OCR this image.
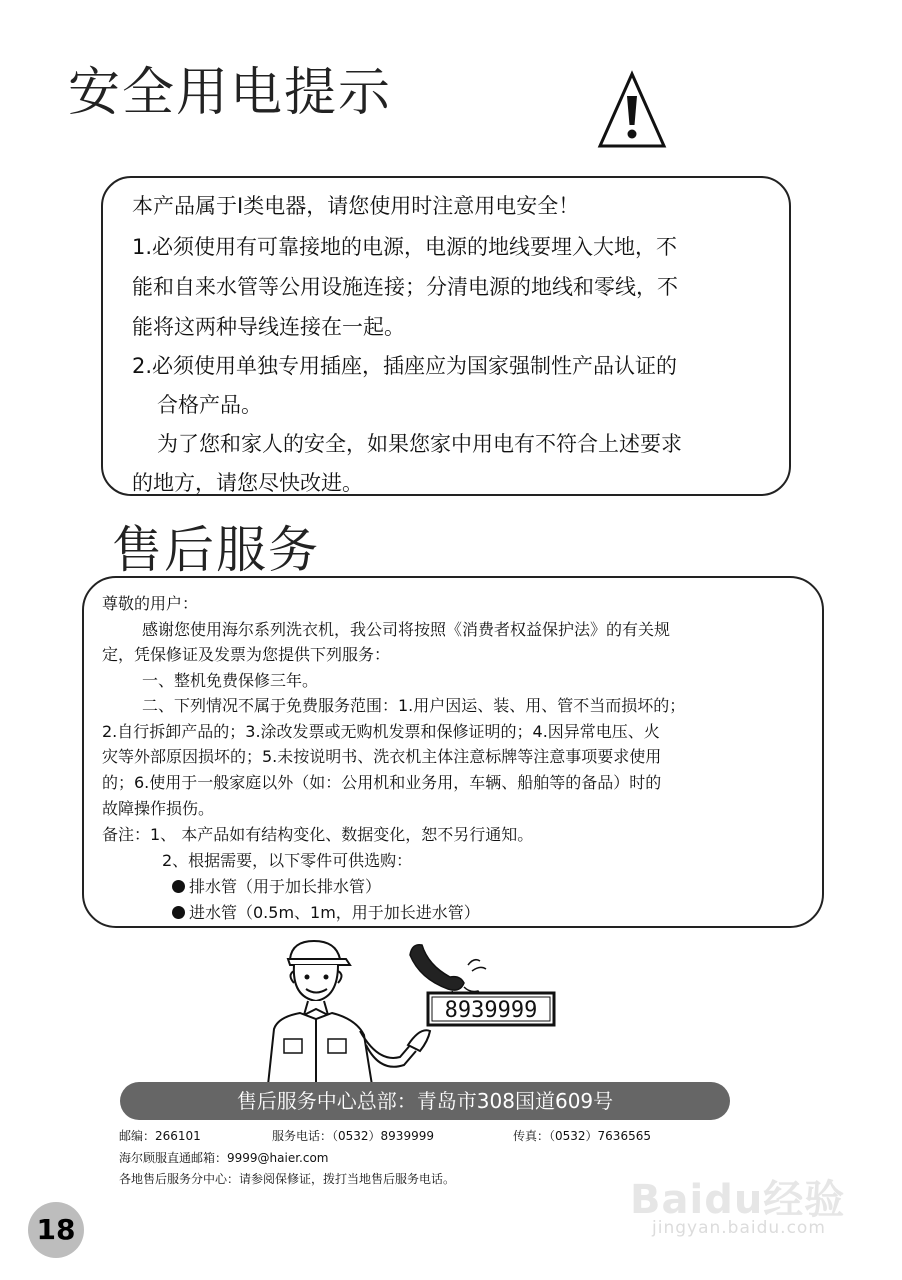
安全用电提示
本产品属于I类电器，请您使用时注意用电安全！
1.必须使用有可靠接地的电源，电源的地线要埋入大地，不
能和自来水管等公用设施连接；分清电源的地线和零线，不
能将这两种导线连接在一起。
2.必须使用单独专用插座，插座应为国家强制性产品认证的
合格产品。
为了您和家人的安全，如果您家中用电有不符合上述要求
的地方，请您尽快改进。
售后服务
尊敬的用户：
感谢您使用海尔系列洗衣机，我公司将按照《消费者权益保护法》的有关规
定，凭保修证及发票为您提供下列服务：
一、整机免费保修三年。
二、下列情况不属于免费服务范围：1.用户因运、装、用、管不当而损坏的；
2.自行拆卸产品的；3.涂改发票或无购机发票和保修证明的；4.因异常电压、火
灾等外部原因损坏的；5.未按说明书、洗衣机主体注意标牌等注意事项要求使用
的；6.使用于一般家庭以外（如：公用机和业务用，车辆、船舶等的备品）时的
故障操作损伤。
备注：1、 本产品如有结构变化、数据变化，恕不另行通知。
2、根据需要，以下零件可供选购：
排水管（用于加长排水管）
进水管（0.5m、1m，用于加长进水管）
8939999
售后服务中心总部：青岛市308国道609号
邮编：266101	服务电话：（0532）8939999	传真：（0532）7636565
海尔顾服直通邮箱：9999@haier.com
各地售后服务分中心：请参阅保修证，拨打当地售后服务电话。
18
Baidu经验
jingyan.baidu.com
